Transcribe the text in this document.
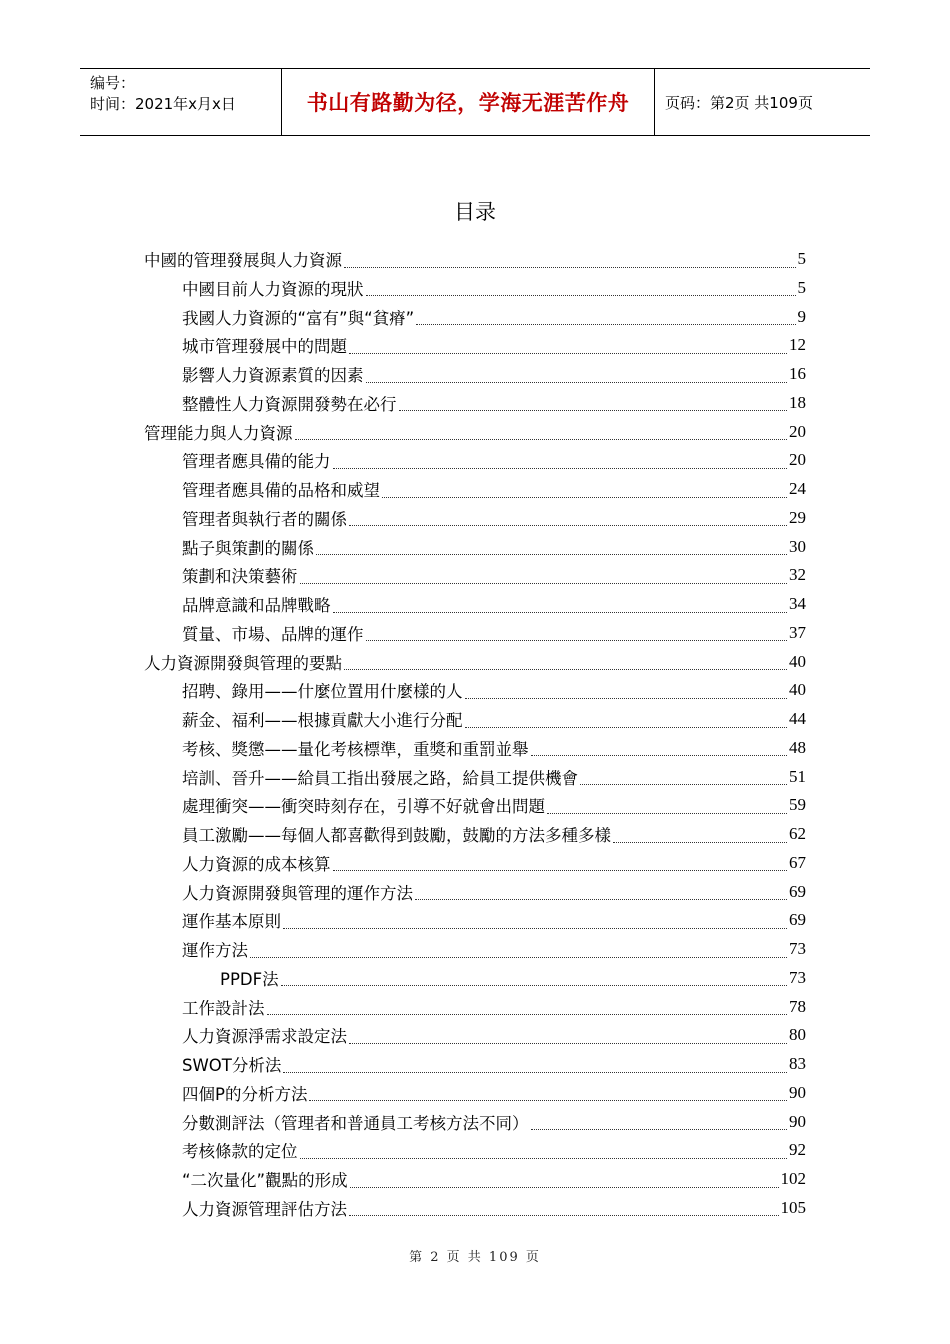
编号：
时间：2021年x月x日	书山有路勤为径，学海无涯苦作舟	页码：第2页 共109页
目录
中國的管理發展與人力資源	5
中國目前人力資源的現狀	5
我國人力資源的“富有”與“貧瘠”	9
城市管理發展中的問題	12
影響人力資源素質的因素	16
整體性人力資源開發勢在必行	18
管理能力與人力資源	20
管理者應具備的能力	20
管理者應具備的品格和威望	24
管理者與執行者的關係	29
點子與策劃的關係	30
策劃和決策藝術	32
品牌意識和品牌戰略	34
質量、市場、品牌的運作	37
人力資源開發與管理的要點	40
招聘、錄用——什麼位置用什麼樣的人	40
薪金、福利——根據貢獻大小進行分配	44
考核、獎懲——量化考核標準，重獎和重罰並舉	48
培訓、晉升——給員工指出發展之路，給員工提供機會	51
處理衝突——衝突時刻存在，引導不好就會出問題	59
員工激勵——每個人都喜歡得到鼓勵，鼓勵的方法多種多樣	62
人力資源的成本核算	67
人力資源開發與管理的運作方法	69
運作基本原則	69
運作方法	73
PPDF法	73
工作設計法	78
人力資源淨需求設定法	80
SWOT分析法	83
四個P的分析方法	90
分數測評法（管理者和普通員工考核方法不同）	90
考核條款的定位	92
“二次量化”觀點的形成	102
人力資源管理評估方法	105
第 2 页 共 109 页
